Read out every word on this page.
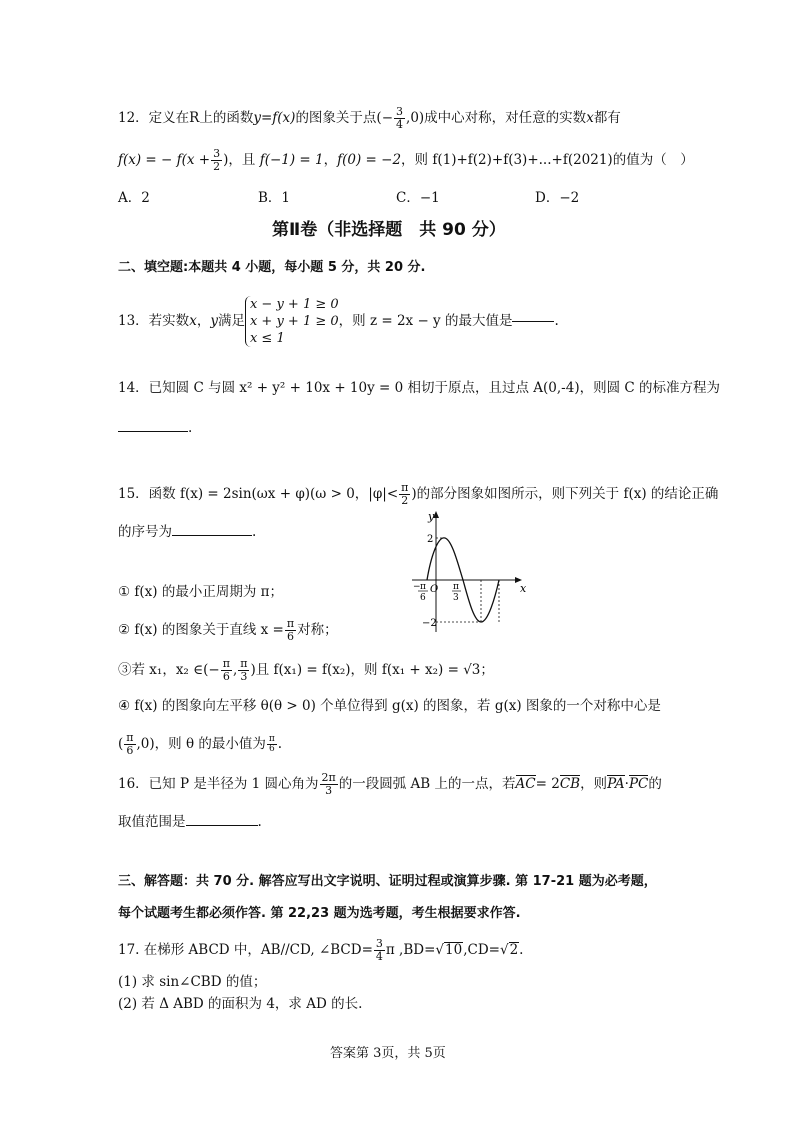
12．定义在R上的函数y=f(x)的图象关于点(− $\frac{3}{4} ,0$)成中心对称，对任意的实数x都有
f(x) = − $f(x + \frac{3}{2}$ )，且 f(−1) = 1，f(0) = −2，则 f(1)+f(2)+f(3)+...+f(2021)的值为（　）
A．2	B．1	C．−1	D．−2
第Ⅱ卷（非选择题　共 90 分）
二、填空题:本题共 4 小题，每小题 5 分，共 20 分.
13．若实数x，y满足x − y + 1 ≥ 0
x + y + 1 ≥ 0
x ≤ 1，则 z = 2x − y 的最大值是	.
14．已知圆 C 与圆 x² + y² + 10x + 10y = 0 相切于原点，且过点 A(0,-4)，则圆 C 的标准方程为
.
15．函数 f(x) = 2sin(ωx + φ)(ω > 0，$|\varphi|< \frac{\pi}{2}$ )的部分图象如图所示，则下列关于 f(x) 的结论正确
的序号为	.
y
x
O
2
−2
− π
6
π
3
① f(x) 的最小正周期为 π；
② f(x) 的图象关于直线 $x = \frac{\pi}{6}$ 对称；
③若 x₁，x₂ ∈(− $\frac{\pi}{6}$ , $\frac{\pi}{3}$ )且 f(x₁) = f(x₂)，则 f(x₁ + x₂) = √3；
④ f(x) 的图象向左平移 θ(θ > 0) 个单位得到 g(x) 的图象，若 g(x) 图象的一个对称中心是
( $\frac{\pi}{6} ,0$)，则 θ 的最小值为 $\frac{\pi}{6}$ .
16．已知 P 是半径为 1 圆心角为 $\frac{2\pi}{3}$ 的一段圆弧 AB 上的一点，若AC= 2CB，则PA·PC的
取值范围是	.
三、解答题：共 70 分. 解答应写出文字说明、证明过程或演算步骤. 第 17-21 题为必考题，
每个试题考生都必须作答. 第 22,23 题为选考题，考生根据要求作答.
17. 在梯形 ABCD 中，AB//CD, ∠BCD= $\frac{3}{4}$ π ,BD=√10,CD=√2.
(1) 求 sin∠CBD 的值；
(2) 若 Δ ABD 的面积为 4，求 AD 的长.
答案第 3页，共 5页
